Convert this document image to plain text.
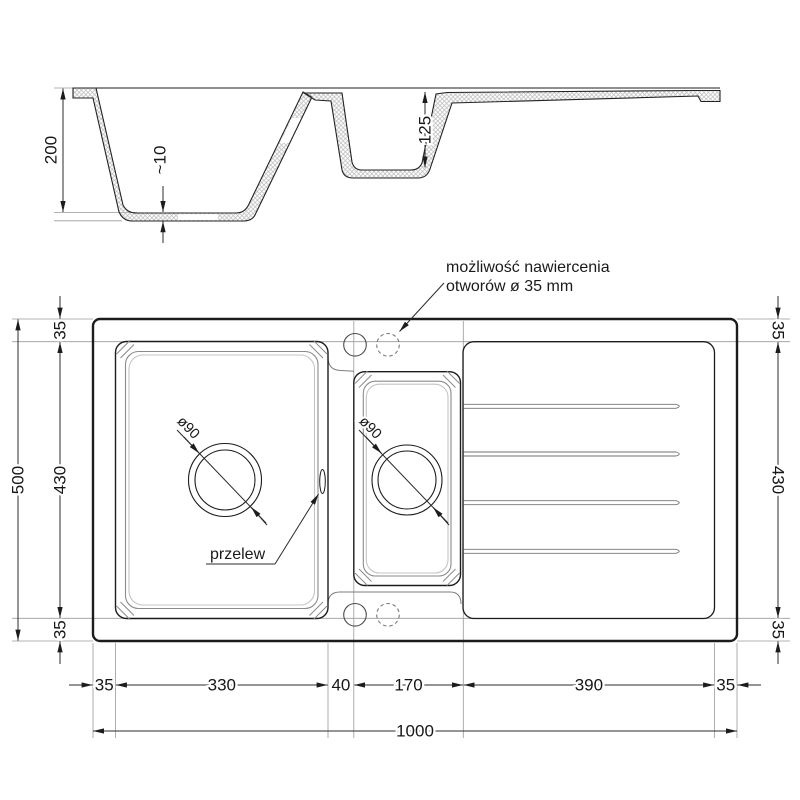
200	~10
125
ø90
przelew
ø90
możliwość nawiercenia
otworów ø 35 mm
35	330	40	170	390	35
1000
500 430
35
35
430
35
35
